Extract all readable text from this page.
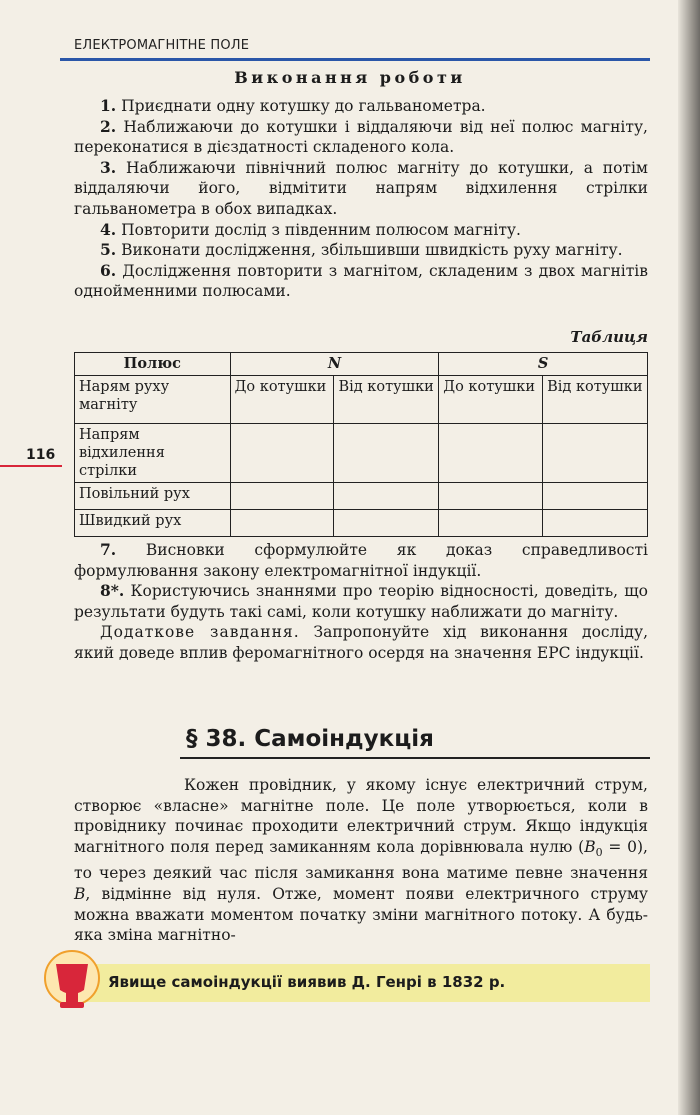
ЕЛЕКТРОМАГНІТНЕ ПОЛЕ
Виконання роботи

1. Приєднати одну котушку до гальванометра.

2. Наближаючи до котушки і віддаляючи від неї полюс магніту, переконатися в дієздатності складеного кола.

3. Наближаючи північний полюс магніту до котушки, а потім віддаляючи його, відмітити напрям відхилення стрілки гальванометра в обох випадках.

4. Повторити дослід з південним полюсом магніту.

5. Виконати дослідження, збільшивши швидкість руху магніту.

6. Дослідження повторити з магнітом, складеним з двох магнітів однойменними полюсами.

Таблиця
Полюс	N		S	
Нарям руху магніту	До котушки	Від котушки	До котушки	Від котушки
Напрям відхилення стрілки				
Повільний рух				
Швидкий рух				
116

7. Висновки сформулюйте як доказ справедливості формулювання закону електромагнітної індукції.

8*. Користуючись знаннями про теорію відносності, доведіть, що результати будуть такі самі, коли котушку наближати до магніту.

Додаткове завдання. Запропонуйте хід виконання досліду, який доведе вплив феромагнітного осердя на значення ЕРС індукції.

§ 38. Самоіндукція

Кожен провідник, у якому існує електричний струм, створює «власне» магнітне поле. Це поле утворюється, коли в провіднику починає проходити електричний струм. Якщо індукція магнітного поля перед замиканням кола дорівнювала нулю $(B_0 = 0)$, то через деякий час після замикання вона матиме певне значення B, відмінне від нуля. Отже, момент появи електричного струму можна вважати моментом початку зміни магнітного потоку. А будь-яка зміна магнітно-

Явище самоіндукції виявив Д. Генрі в 1832 р.
